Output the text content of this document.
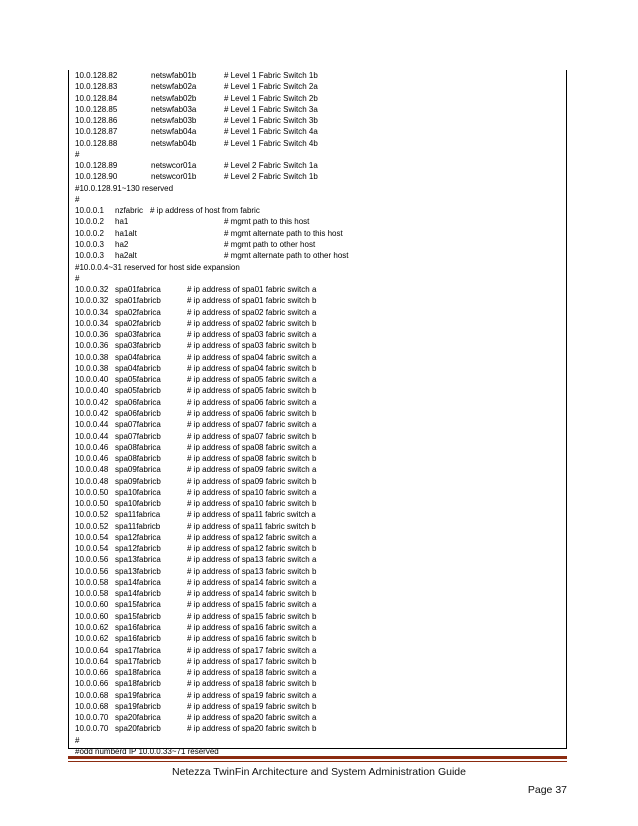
10.0.128.82	netswfab01b	# Level 1 Fabric Switch 1b
10.0.128.83	netswfab02a	# Level 1 Fabric Switch 2a
10.0.128.84	netswfab02b	# Level 1 Fabric Switch 2b
10.0.128.85	netswfab03a	# Level 1 Fabric Switch 3a
10.0.128.86	netswfab03b	# Level 1 Fabric Switch 3b
10.0.128.87	netswfab04a	# Level 1 Fabric Switch 4a
10.0.128.88	netswfab04b	# Level 1 Fabric Switch 4b
#
10.0.128.89	netswcor01a	# Level 2 Fabric Switch 1a
10.0.128.90	netswcor01b	# Level 2 Fabric Switch 1b
#10.0.128.91~130 reserved
#
10.0.0.1 nzfabric # ip address of host from fabric
10.0.0.2 ha1	# mgmt path to this host
10.0.0.2 ha1alt	# mgmt alternate path to this host
10.0.0.3 ha2	# mgmt path to other host
10.0.0.3 ha2alt	# mgmt alternate path to other host
#10.0.0.4~31 reserved for host side expansion
#
10.0.0.32 spa01fabrica	# ip address of spa01 fabric switch a
10.0.0.32 spa01fabricb	# ip address of spa01 fabric switch b
10.0.0.34 spa02fabrica	# ip address of spa02 fabric switch a
10.0.0.34 spa02fabricb	# ip address of spa02 fabric switch b
10.0.0.36 spa03fabrica	# ip address of spa03 fabric switch a
10.0.0.36 spa03fabricb	# ip address of spa03 fabric switch b
10.0.0.38 spa04fabrica	# ip address of spa04 fabric switch a
10.0.0.38 spa04fabricb	# ip address of spa04 fabric switch b
10.0.0.40 spa05fabrica	# ip address of spa05 fabric switch a
10.0.0.40 spa05fabricb	# ip address of spa05 fabric switch b
10.0.0.42 spa06fabrica	# ip address of spa06 fabric switch a
10.0.0.42 spa06fabricb	# ip address of spa06 fabric switch b
10.0.0.44 spa07fabrica	# ip address of spa07 fabric switch a
10.0.0.44 spa07fabricb	# ip address of spa07 fabric switch b
10.0.0.46 spa08fabrica	# ip address of spa08 fabric switch a
10.0.0.46 spa08fabricb	# ip address of spa08 fabric switch b
10.0.0.48 spa09fabrica	# ip address of spa09 fabric switch a
10.0.0.48 spa09fabricb	# ip address of spa09 fabric switch b
10.0.0.50 spa10fabrica	# ip address of spa10 fabric switch a
10.0.0.50 spa10fabricb	# ip address of spa10 fabric switch b
10.0.0.52 spa11fabrica	# ip address of spa11 fabric switch a
10.0.0.52 spa11fabricb	# ip address of spa11 fabric switch b
10.0.0.54 spa12fabrica	# ip address of spa12 fabric switch a
10.0.0.54 spa12fabricb	# ip address of spa12 fabric switch b
10.0.0.56 spa13fabrica	# ip address of spa13 fabric switch a
10.0.0.56 spa13fabricb	# ip address of spa13 fabric switch b
10.0.0.58 spa14fabrica	# ip address of spa14 fabric switch a
10.0.0.58 spa14fabricb	# ip address of spa14 fabric switch b
10.0.0.60 spa15fabrica	# ip address of spa15 fabric switch a
10.0.0.60 spa15fabricb	# ip address of spa15 fabric switch b
10.0.0.62 spa16fabrica	# ip address of spa16 fabric switch a
10.0.0.62 spa16fabricb	# ip address of spa16 fabric switch b
10.0.0.64 spa17fabrica	# ip address of spa17 fabric switch a
10.0.0.64 spa17fabricb	# ip address of spa17 fabric switch b
10.0.0.66 spa18fabrica	# ip address of spa18 fabric switch a
10.0.0.66 spa18fabricb	# ip address of spa18 fabric switch b
10.0.0.68 spa19fabrica	# ip address of spa19 fabric switch a
10.0.0.68 spa19fabricb	# ip address of spa19 fabric switch b
10.0.0.70 spa20fabrica	# ip address of spa20 fabric switch a
10.0.0.70 spa20fabricb	# ip address of spa20 fabric switch b
#
#odd numberd IP 10.0.0.33~71 reserved
Netezza TwinFin Architecture and System Administration Guide
Page 37
